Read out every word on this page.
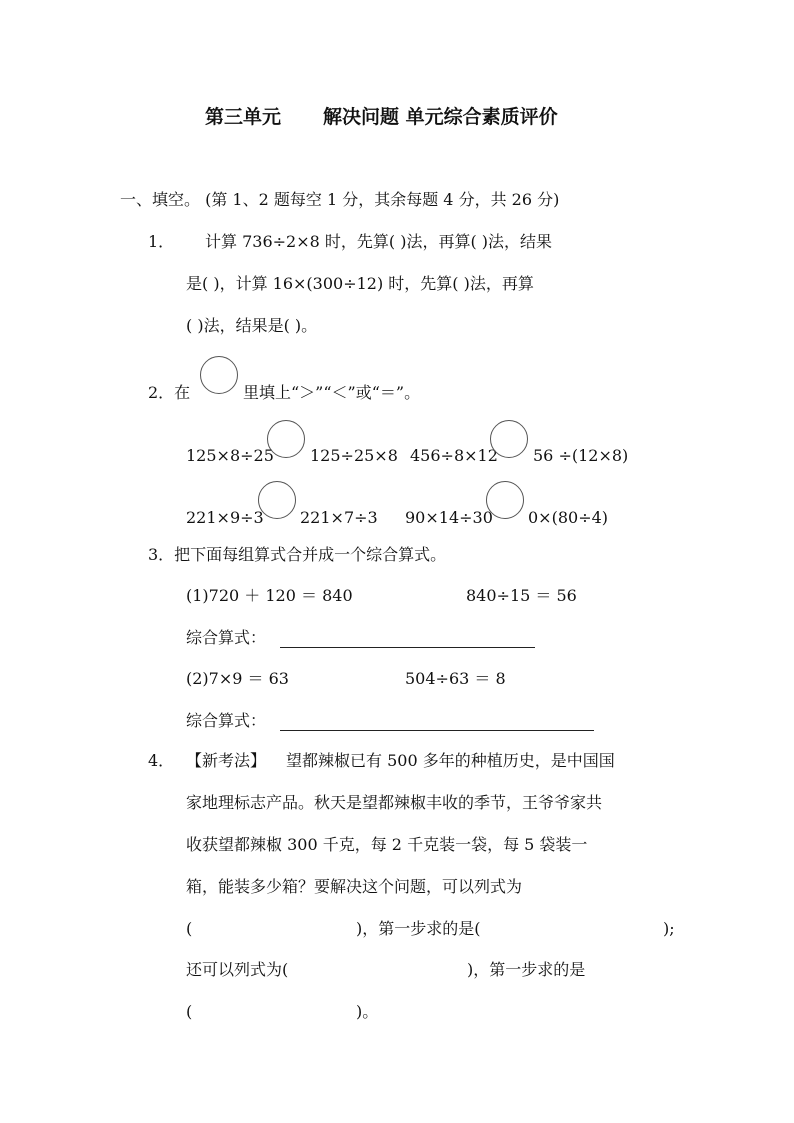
第三单元 解决问题 单元综合素质评价
一、填空。 (第 1、2 题每空 1 分，其余每题 4 分，共 26 分)
1． 计算 736÷2×8 时，先算( )法，再算( )法，结果
是( )，计算 16×(300÷12) 时，先算( )法，再算
( )法，结果是( )。
2．在	里填上“＞”“＜”或“＝”。
125×8÷25 125÷25×8 456÷8×12 56 ÷(12×8)
221×9÷3 221×7÷3 90×14÷30 0×(80÷4)
3．把下面每组算式合并成一个综合算式。
(1)720 ＋ 120 ＝ 840	840÷15 ＝ 56
综合算式：
(2)7×9 ＝ 63	504÷63 ＝ 8
综合算式：
4． 【新考法】 望都辣椒已有 500 多年的种植历史，是中国国
家地理标志产品。秋天是望都辣椒丰收的季节，王爷爷家共
收获望都辣椒 300 千克，每 2 千克装一袋，每 5 袋装一
箱，能装多少箱？要解决这个问题，可以列式为
(	)，第一步求的是(	);
还可以列式为(	)，第一步求的是
(	)。
